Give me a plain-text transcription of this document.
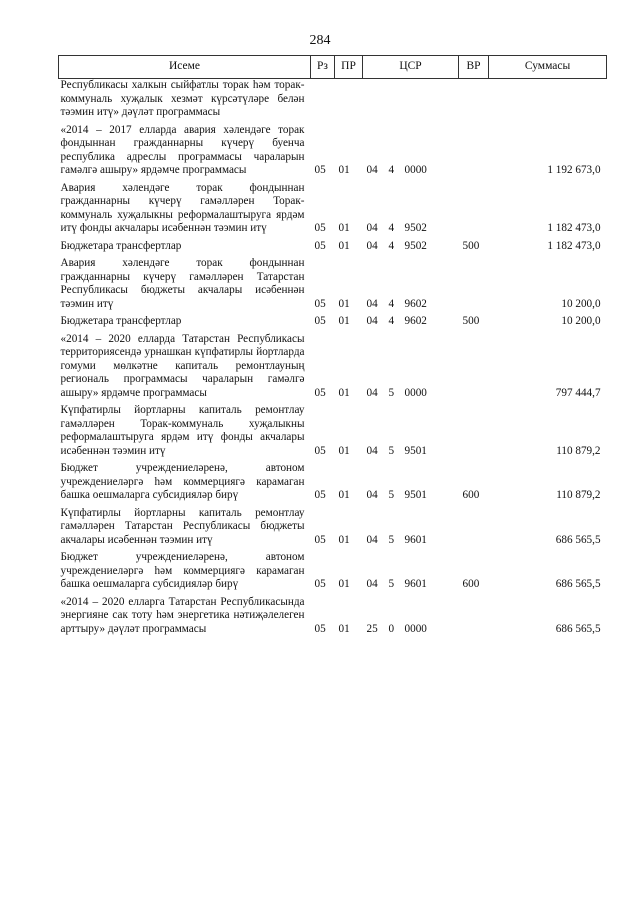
284
Исеме	Рз	ПР	ЦСР			ВР	Суммасы
Республикасы халкын сыйфатлы торак һәм торак-коммуналь хуҗалык хезмәт күрсәтүләре белән тәэмин итү» дәүләт программасы							
«2014 – 2017 елларда авария хәлендәге торак фондыннан гражданнарны күчерү буенча республика адреслы программасы чараларын гамәлгә ашыру» ярдәмче программасы	05	01	04	4	0000		1 192 673,0
Авария хәлендәге торак фондыннан гражданнарны күчерү гамәлләрен Торак-коммуналь хуҗалыкны реформалаштыруга ярдәм итү фонды акчалары исәбеннән тәэмин итү	05	01	04	4	9502		1 182 473,0
Бюджетара трансфертлар	05	01	04	4	9502	500	1 182 473,0
Авария хәлендәге торак фондыннан гражданнарны күчерү гамәлләрен Татарстан Республикасы бюджеты акчалары исәбеннән тәэмин итү	05	01	04	4	9602		10 200,0
Бюджетара трансфертлар	05	01	04	4	9602	500	10 200,0
«2014 – 2020 елларда Татарстан Республикасы территориясендә урнашкан күпфатирлы йортларда гомуми мөлкәтне капиталь ремонтлауның региональ программасы чараларын гамәлгә ашыру» ярдәмче программасы	05	01	04	5	0000		797 444,7
Күпфатирлы йортларны капиталь ремонтлау гамәлләрен Торак-коммуналь хуҗалыкны реформалаштыруга ярдәм итү фонды акчалары исәбеннән тәэмин итү	05	01	04	5	9501		110 879,2
Бюджет учреждениеләренә, автоном учреждениеләргә һәм коммерциягә карамаган башка оешмаларга субсидияләр бирү	05	01	04	5	9501	600	110 879,2
Күпфатирлы йортларны капиталь ремонтлау гамәлләрен Татарстан Республикасы бюджеты акчалары исәбеннән тәэмин итү	05	01	04	5	9601		686 565,5
Бюджет учреждениеләренә, автоном учреждениеләргә һәм коммерциягә карамаган башка оешмаларга субсидияләр бирү	05	01	04	5	9601	600	686 565,5
«2014 – 2020 елларга Татарстан Республикасында энергияне сак тоту һәм энергетика нәтиҗәлелеген арттыру» дәүләт программасы	05	01	25	0	0000		686 565,5
